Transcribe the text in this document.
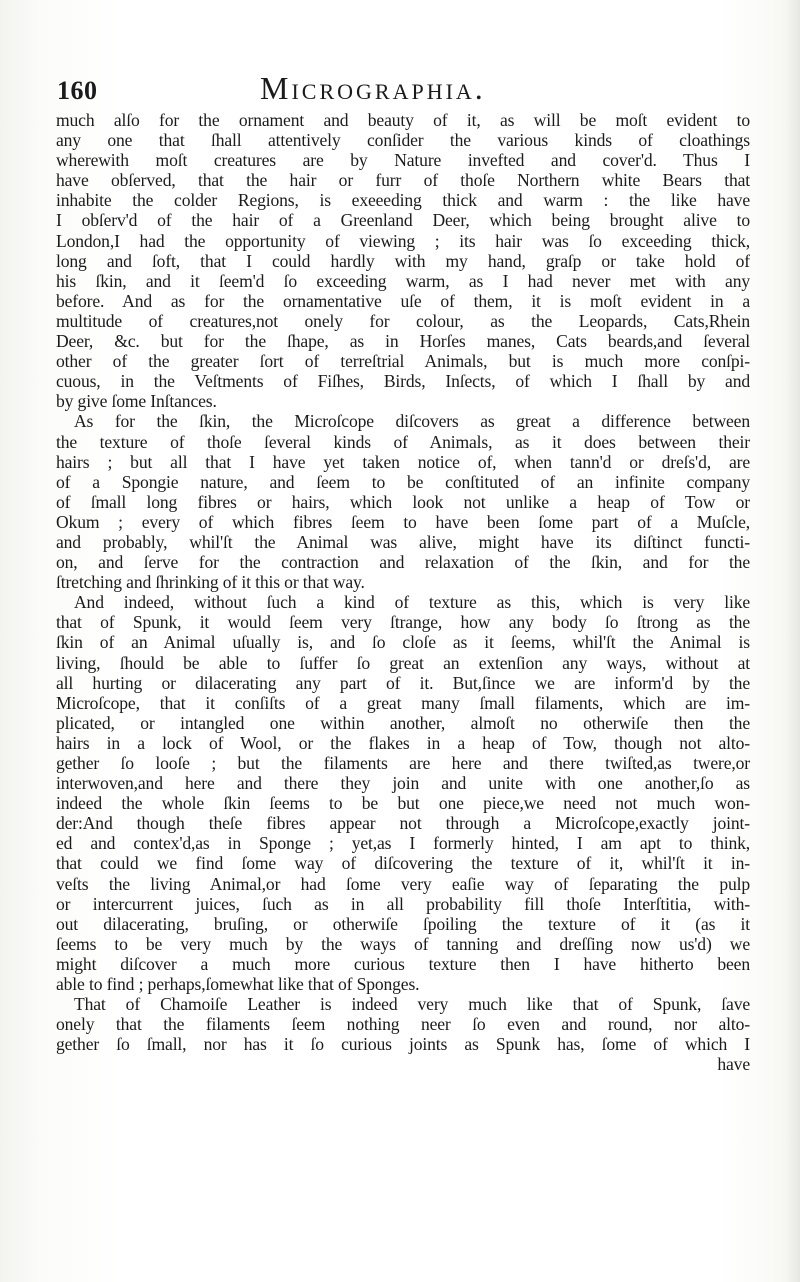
160	Micrographia.
much alſo for the ornament and beauty of it, as will be moſt evident to
any one that ſhall attentively conſider the various kinds of cloathings
wherewith moſt creatures are by Nature invefted and cover'd. Thus I
have obſerved, that the hair or furr of thoſe Northern white Bears that
inhabite the colder Regions, is exeeeding thick and warm : the like have
I obſerv'd of the hair of a Greenland Deer, which being brought alive to
London,I had the opportunity of viewing ; its hair was ſo exceeding thick,
long and ſoft, that I could hardly with my hand, graſp or take hold of
his ſkin, and it ſeem'd ſo exceeding warm, as I had never met with any
before. And as for the ornamentative uſe of them, it is moſt evident in a
multitude of creatures,not onely for colour, as the Leopards, Cats,Rhein
Deer, &c. but for the ſhape, as in Horſes manes, Cats beards,and ſeveral
other of the greater ſort of terreſtrial Animals, but is much more conſpi-
cuous, in the Veſtments of Fiſhes, Birds, Inſects, of which I ſhall by and
by give ſome Inſtances.
As for the ſkin, the Microſcope diſcovers as great a difference between
the texture of thoſe ſeveral kinds of Animals, as it does between their
hairs ; but all that I have yet taken notice of, when tann'd or dreſs'd, are
of a Spongie nature, and ſeem to be conſtituted of an infinite company
of ſmall long fibres or hairs, which look not unlike a heap of Tow or
Okum ; every of which fibres ſeem to have been ſome part of a Muſcle,
and probably, whil'ſt the Animal was alive, might have its diſtinct functi-
on, and ſerve for the contraction and relaxation of the ſkin, and for the
ſtretching and ſhrinking of it this or that way.
And indeed, without ſuch a kind of texture as this, which is very like
that of Spunk, it would ſeem very ſtrange, how any body ſo ſtrong as the
ſkin of an Animal uſually is, and ſo cloſe as it ſeems, whil'ſt the Animal is
living, ſhould be able to ſuffer ſo great an extenſion any ways, without at
all hurting or dilacerating any part of it. But,ſince we are inform'd by the
Microſcope, that it conſiſts of a great many ſmall filaments, which are im-
plicated, or intangled one within another, almoſt no otherwiſe then the
hairs in a lock of Wool, or the flakes in a heap of Tow, though not alto-
gether ſo looſe ; but the filaments are here and there twiſted,as twere,or
interwoven,and here and there they join and unite with one another,ſo as
indeed the whole ſkin ſeems to be but one piece,we need not much won-
der:And though theſe fibres appear not through a Microſcope,exactly joint-
ed and contex'd,as in Sponge ; yet,as I formerly hinted, I am apt to think,
that could we find ſome way of diſcovering the texture of it, whil'ſt it in-
veſts the living Animal,or had ſome very eaſie way of ſeparating the pulp
or intercurrent juices, ſuch as in all probability fill thoſe Interſtitia, with-
out dilacerating, bruſing, or otherwiſe ſpoiling the texture of it (as it
ſeems to be very much by the ways of tanning and dreſſing now us'd) we
might diſcover a much more curious texture then I have hitherto been
able to find ; perhaps,ſomewhat like that of Sponges.
That of Chamoiſe Leather is indeed very much like that of Spunk, ſave
onely that the filaments ſeem nothing neer ſo even and round, nor alto-
gether ſo ſmall, nor has it ſo curious joints as Spunk has, ſome of which I
have
